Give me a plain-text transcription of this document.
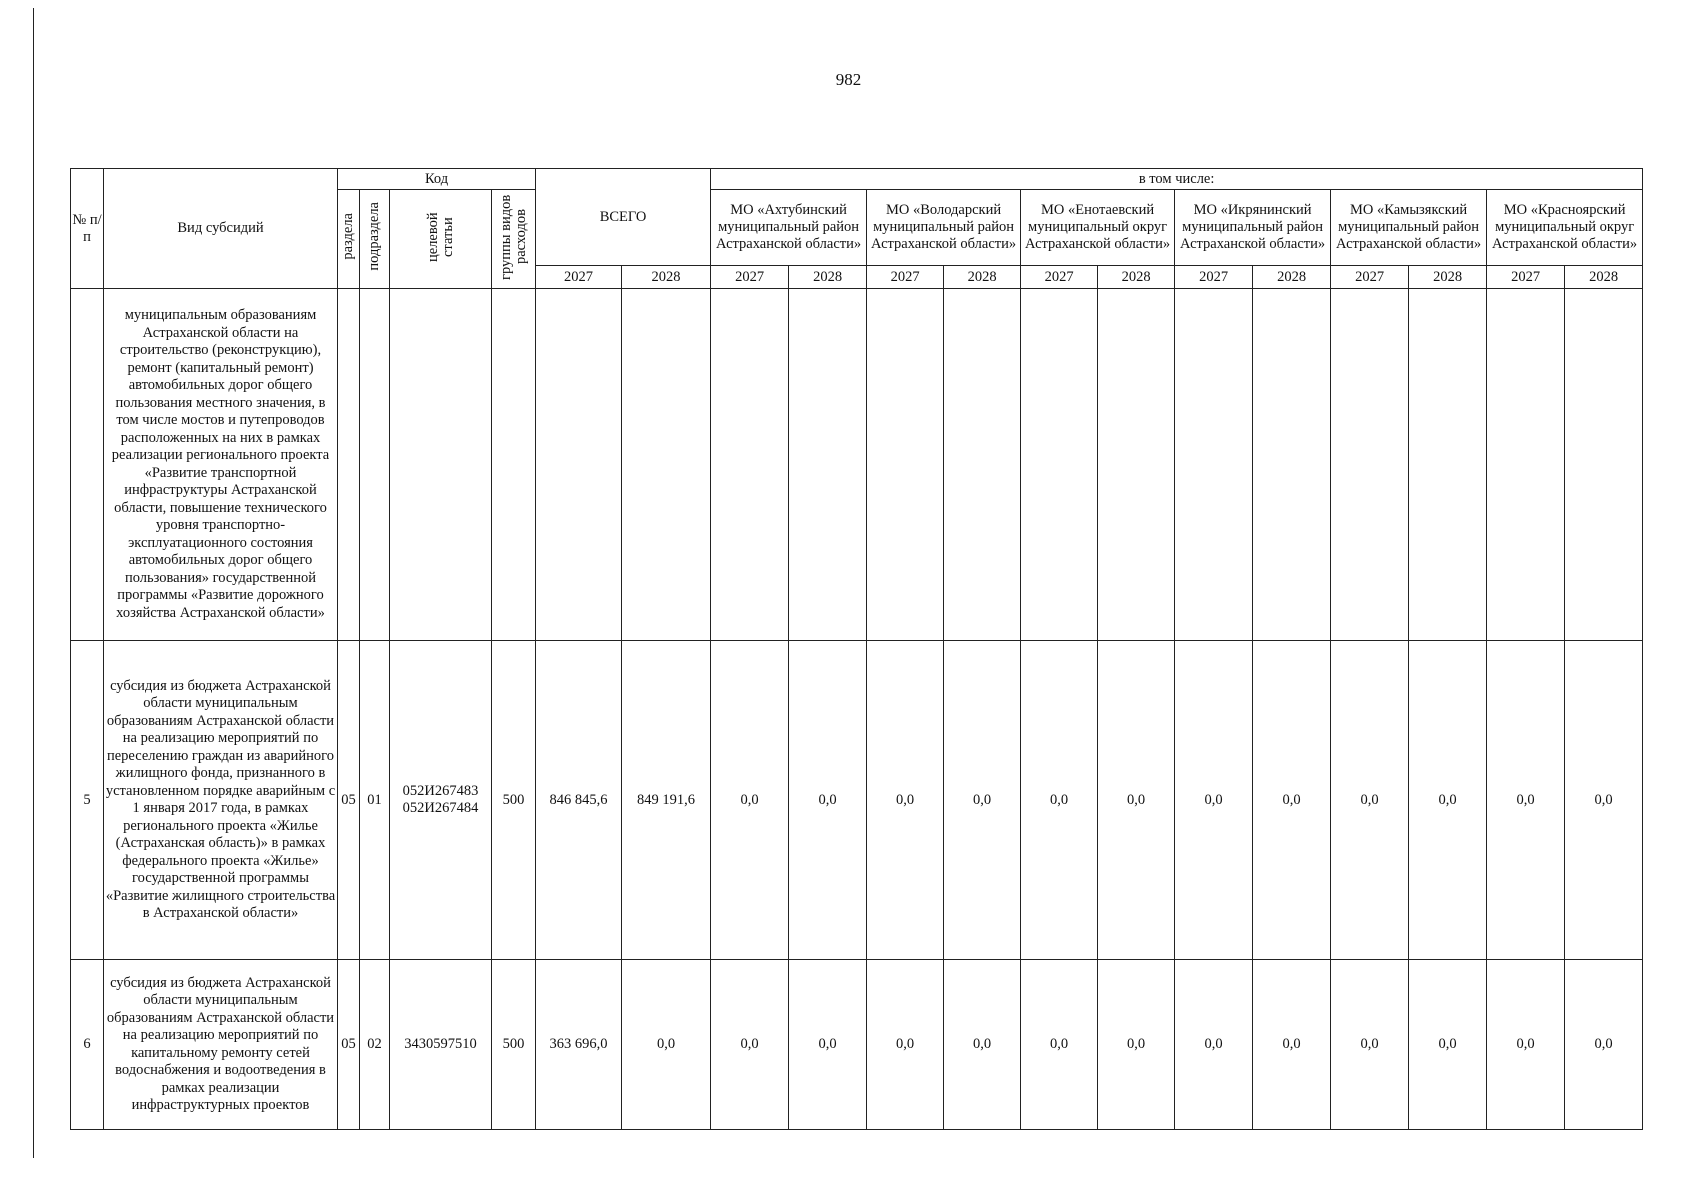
982
№ п/п	Вид субсидий	Код				ВСЕГО		в том числе:											
		раздела	подраздела	целевой статьи	группы видов расходов			МО «Ахтубинский муниципальный район Астраханской области»		МО «Володарский муниципальный район Астраханской области»		МО «Енотаевский муниципальный округ Астраханской области»		МО «Икрянинский муниципальный район Астраханской области»		МО «Камызякский муниципальный район Астраханской области»		МО «Красноярский муниципальный округ Астраханской области»	
						2027	2028	2027	2028	2027	2028	2027	2028	2027	2028	2027	2028	2027	2028
	муниципальным образованиям Астраханской области на строительство (реконструкцию), ремонт (капитальный ремонт) автомобильных дорог общего пользования местного значения, в том числе мостов и путепроводов расположенных на них в рамках реализации регионального проекта «Развитие транспортной инфраструктуры Астраханской области, повышение технического уровня транспортно-эксплуатационного состояния автомобильных дорог общего пользования» государственной программы «Развитие дорожного хозяйства Астраханской области»																		
5	субсидия из бюджета Астраханской области муниципальным образованиям Астраханской области на реализацию мероприятий по переселению граждан из аварийного жилищного фонда, признанного в установленном порядке аварийным с 1 января 2017 года, в рамках регионального проекта «Жилье (Астраханская область)» в рамках федерального проекта «Жилье» государственной программы «Развитие жилищного строительства в Астраханской области»	05	01	052И267483 052И267484	500	846 845,6	849 191,6	0,0	0,0	0,0	0,0	0,0	0,0	0,0	0,0	0,0	0,0	0,0	0,0
6	субсидия из бюджета Астраханской области муниципальным образованиям Астраханской области на реализацию мероприятий по капитальному ремонту сетей водоснабжения и водоотведения в рамках реализации инфраструктурных проектов	05	02	3430597510	500	363 696,0	0,0	0,0	0,0	0,0	0,0	0,0	0,0	0,0	0,0	0,0	0,0	0,0	0,0
